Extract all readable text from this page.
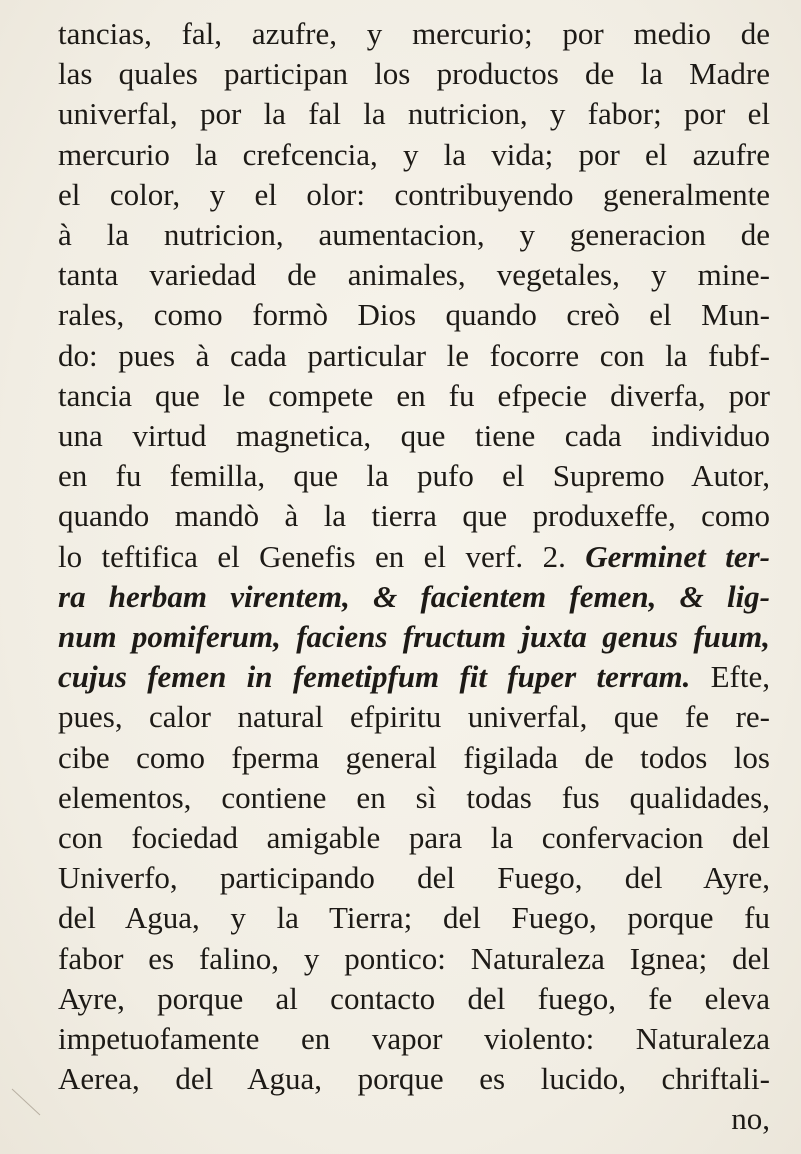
tancias, fal, azufre, y mercurio; por medio de
las quales participan los productos de la Madre
univerfal, por la fal la nutricion, y fabor; por el
mercurio la crefcencia, y la vida; por el azufre
el color, y el olor: contribuyendo generalmente
à la nutricion, aumentacion, y generacion de
tanta variedad de animales, vegetales, y mine-
rales, como formò Dios quando creò el Mun-
do: pues à cada particular le focorre con la fubf-
tancia que le compete en fu efpecie diverfa, por
una virtud magnetica, que tiene cada individuo
en fu femilla, que la pufo el Supremo Autor,
quando mandò à la tierra que produxeffe, como
lo teftifica el Genefis en el verf. 2. Germinet ter-
ra herbam virentem, & facientem femen, & lig-
num pomiferum, faciens fructum juxta genus fuum,
cujus femen in femetipfum fit fuper terram. Efte,
pues, calor natural efpiritu univerfal, que fe re-
cibe como fperma general figilada de todos los
elementos, contiene en sì todas fus qualidades,
con fociedad amigable para la confervacion del
Univerfo, participando del Fuego, del Ayre,
del Agua, y la Tierra; del Fuego, porque fu
fabor es falino, y pontico: Naturaleza Ignea; del
Ayre, porque al contacto del fuego, fe eleva
impetuofamente en vapor violento: Naturaleza
Aerea, del Agua, porque es lucido, chriftali-
no,
